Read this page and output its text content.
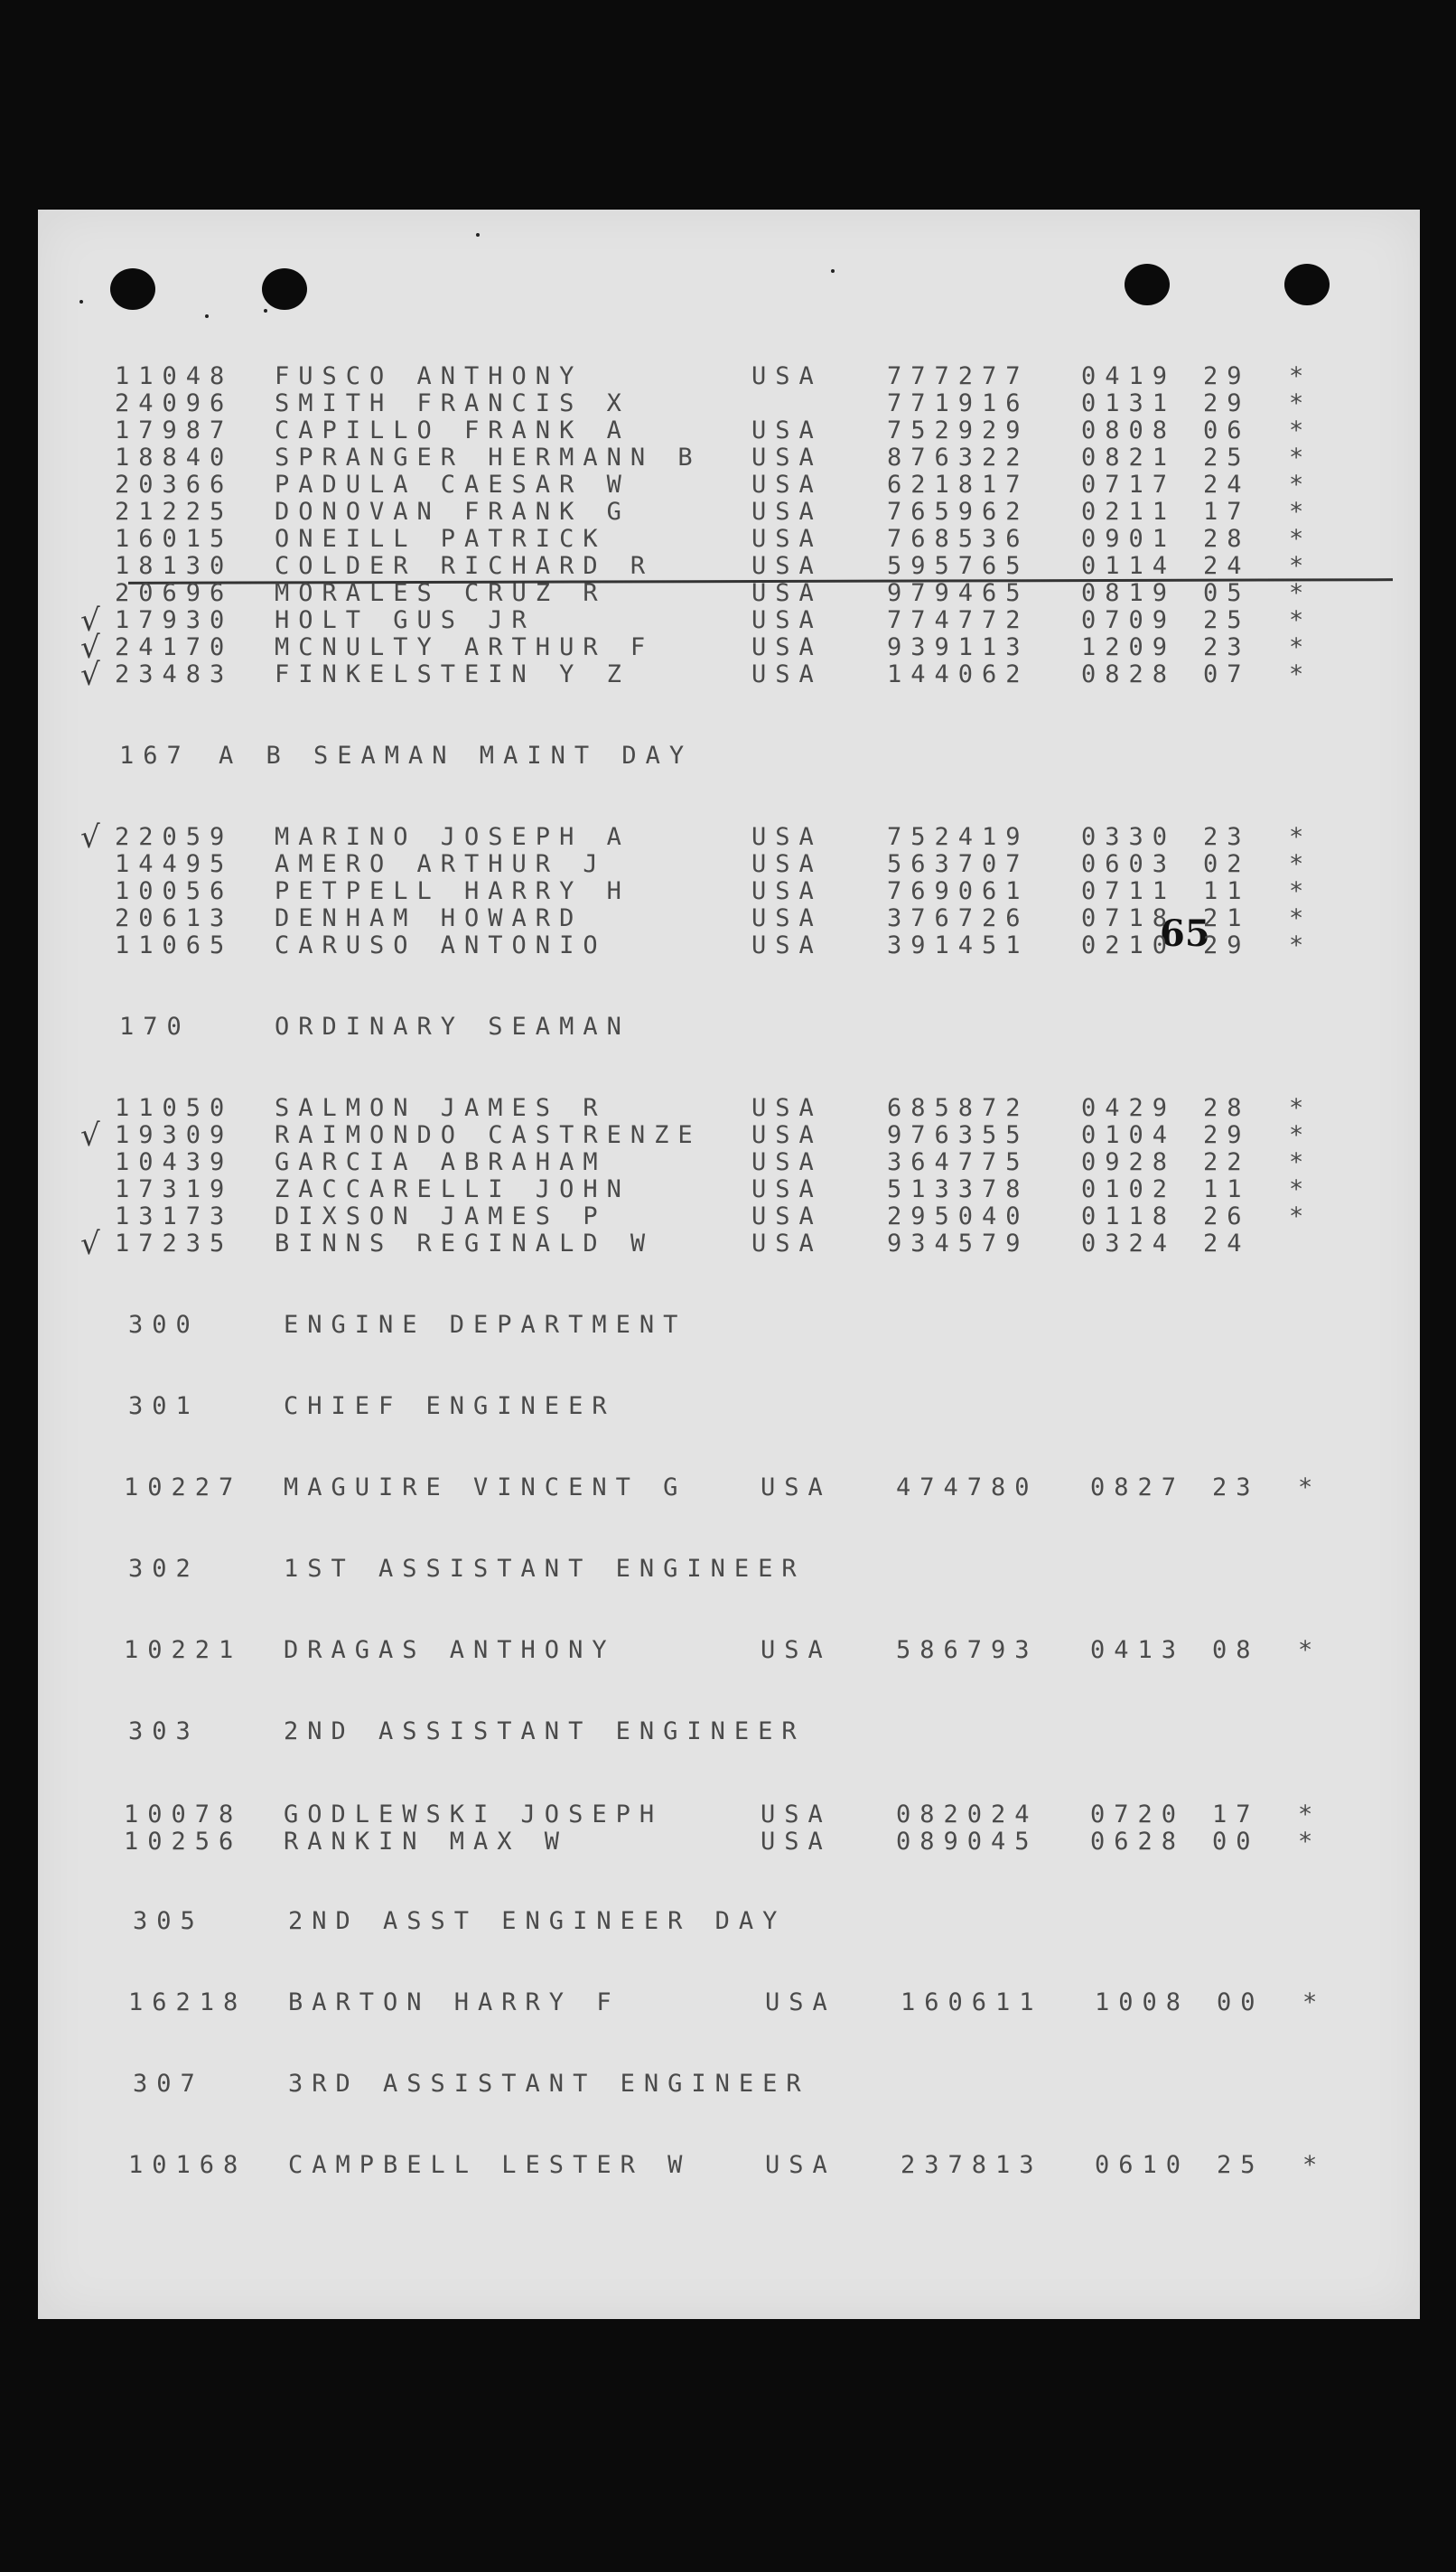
65
11048 FUSCO ANTHONY	USA	777277 0419 29 *
24096 SMITH FRANCIS X	771916 0131 29 *
17987 CAPILLO FRANK A	USA	752929 0808 06 *
18840 SPRANGER HERMANN B USA	876322 0821 25 *
20366 PADULA CAESAR W	USA	621817 0717 24 *
21225 DONOVAN FRANK G	USA	765962 0211 17 *
16015 ONEILL PATRICK	USA	768536 0901 28 *
18130 COLDER RICHARD R	USA	595765 0114 24 *
20696 MORALES CRUZ R	USA	979465 0819 05 *
17930 HOLT GUS JR	USA	774772 0709 25 *
√
24170 MCNULTY ARTHUR F	USA	939113 1209 23 *
√
23483 FINKELSTEIN Y Z	USA	144062 0828 07 *
√
167 A B SEAMAN MAINT DAY
22059 MARINO JOSEPH A	USA	752419 0330 23 *
√
14495 AMERO ARTHUR J	USA	563707 0603 02 *
10056 PETPELL HARRY H	USA	769061 0711 11 *
20613 DENHAM HOWARD	USA	376726 0718 21 *
11065 CARUSO ANTONIO	USA	391451 0210 29 *
170	ORDINARY SEAMAN
11050 SALMON JAMES R	USA	685872 0429 28 *
19309 RAIMONDO CASTRENZE USA	976355 0104 29 *
√
10439 GARCIA ABRAHAM	USA	364775 0928 22 *
17319 ZACCARELLI JOHN	USA	513378 0102 11 *
13173 DIXSON JAMES P	USA	295040 0118 26 *
17235 BINNS REGINALD W	USA	934579 0324 24
√
300	ENGINE DEPARTMENT
301	CHIEF ENGINEER
10227 MAGUIRE VINCENT G	USA	474780 0827 23 *
302	1ST ASSISTANT ENGINEER
10221 DRAGAS ANTHONY	USA	586793 0413 08 *
303	2ND ASSISTANT ENGINEER
10078 GODLEWSKI JOSEPH	USA	082024 0720 17 *
10256 RANKIN MAX W	USA	089045 0628 00 *
305	2ND ASST ENGINEER DAY
16218 BARTON HARRY F	USA	160611 1008 00 *
307	3RD ASSISTANT ENGINEER
10168 CAMPBELL LESTER W	USA	237813 0610 25 *
